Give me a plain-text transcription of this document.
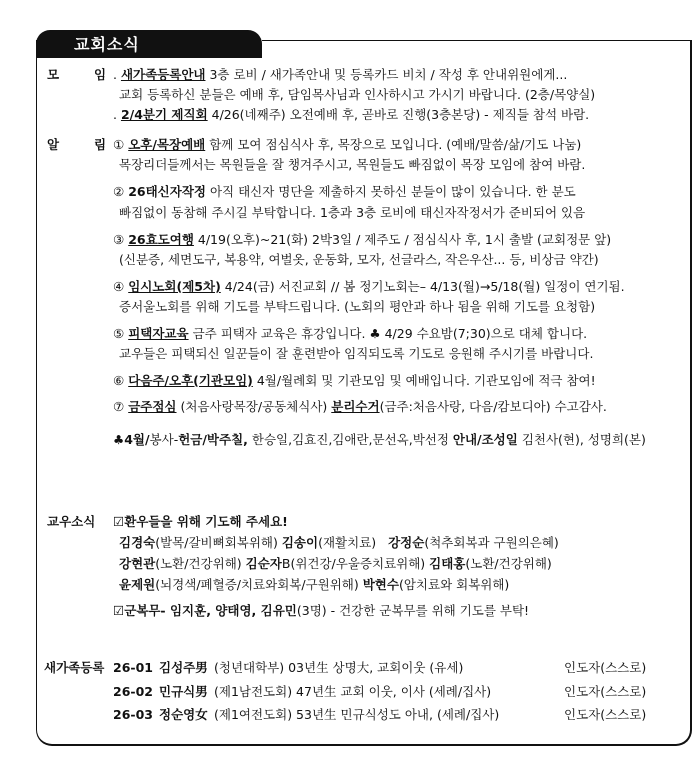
교회소식
모	임 . 새가족등록안내 3층 로비 / 새가족안내 및 등록카드 비치 / 작성 후 안내위원에게...
교회 등록하신 분들은 예배 후, 담임목사님과 인사하시고 가시기 바랍니다. (2층/목양실)
. 2/4분기 제직회 4/26(네째주) 오전예배 후, 곧바로 진행(3층본당) - 제직들 참석 바람.
알	림 ① 오후/목장예배 함께 모여 점심식사 후, 목장으로 모입니다. (예배/말씀/삶/기도 나눔)
목장리더들께서는 목원들을 잘 챙겨주시고, 목원들도 빠짐없이 목장 모임에 참여 바람.
② 26태신자작정 아직 태신자 명단을 제출하지 못하신 분들이 많이 있습니다. 한 분도
빠짐없이 동참해 주시길 부탁합니다. 1층과 3층 로비에 태신자작정서가 준비되어 있음
③ 26효도여행 4/19(오후)~21(화) 2박3일 / 제주도 / 점심식사 후, 1시 출발 (교회정문 앞)
(신분증, 세면도구, 복용약, 여벌옷, 운동화, 모자, 선글라스, 작은우산... 등, 비상금 약간)
④ 임시노회(제5차) 4/24(금) 서진교회 // 봄 정기노회는– 4/13(월)→5/18(월) 일정이 연기됨.
증서울노회를 위해 기도를 부탁드립니다. (노회의 평안과 하나 됨을 위해 기도를 요청함)
⑤ 피택자교육 금주 피택자 교육은 휴강입니다. ♣ 4/29 수요밤(7;30)으로 대체 합니다.
교우들은 피택되신 일꾼들이 잘 훈련받아 임직되도록 기도로 응원해 주시기를 바랍니다.
⑥ 다음주/오후(기관모임) 4월/월례회 및 기관모임 및 예배입니다. 기관모임에 적극 참여!
⑦ 금주점심 (처음사랑목장/공동체식사) 분리수거(금주:처음사랑, 다음/캄보디아) 수고감사.
♣4월/봉사-헌금/박주칠, 한승일,김효진,김애란,문선옥,박선정 안내/조성일 김천사(현), 성명희(본)
교우소식 ☑환우들을 위해 기도해 주세요!
김경숙(발목/갈비뼈회복위해) 김송이(재활치료) 강정순(척추회복과 구원의은혜)
강현관(노환/건강위해) 김순자B(위건강/우울증치료위해) 김태홍(노환/건강위해)
윤제원(뇌경색/폐혈증/치료와회복/구원위해) 박현수(암치료와 회복위해)
☑군복무- 임지훈, 양태영, 김유민(3명) - 건강한 군복무를 위해 기도를 부탁!
새가족등록 26-01 김성주男 (청년대학부) 03년生 상명大, 교회이웃 (유세)	인도자(스스로)
26-02 민규식男 (제1남전도회) 47년生 교회 이웃, 이사 (세례/집사)	인도자(스스로)
26-03 정순영女 (제1여전도회) 53년生 민규식성도 아내, (세례/집사)	인도자(스스로)
